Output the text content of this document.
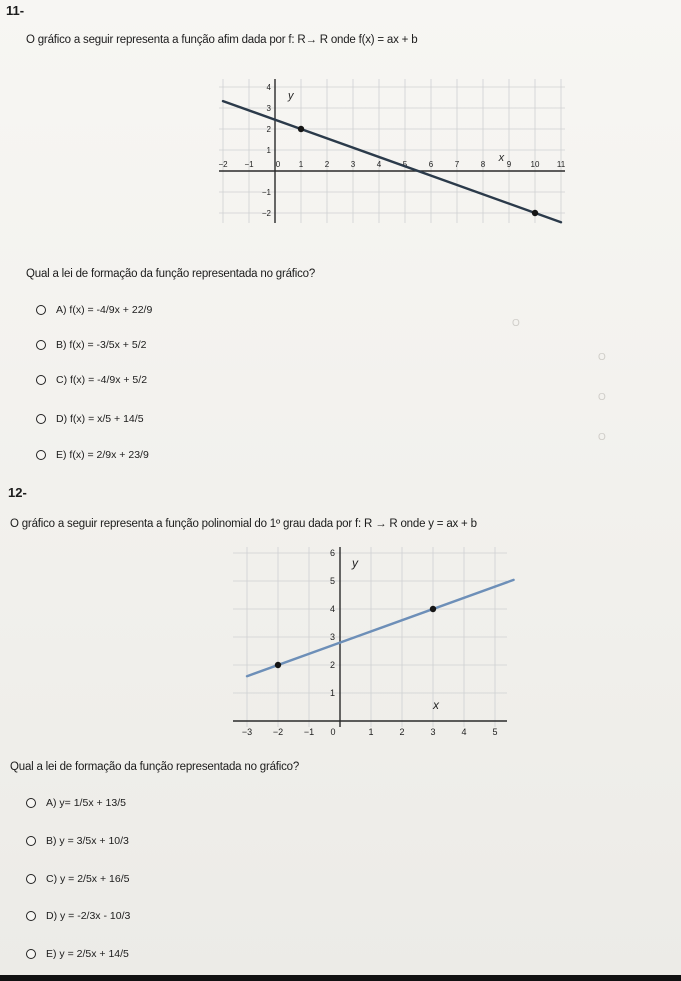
O
O
O
O
11-
O gráfico a seguir representa a função afim dada por f: R→ R onde f(x) = ax + b
−2 −1	0 1	2	3	4	5	6	7	8	9 10 11
−2
−1
1
2
3
4
y
x
Qual a lei de formação da função representada no gráfico?
A) f(x) = -4/9x + 22/9
B) f(x) = -3/5x + 5/2
C) f(x) = -4/9x + 5/2
D) f(x) = x/5 + 14/5
E) f(x) = 2/9x + 23/9
12-
O gráfico a seguir representa a função polinomial do 1º grau dada por f: R → R onde y = ax + b
−3 −2 −1 0	1	2	3	4	5
1
2
3
4
5
6
y
x
Qual a lei de formação da função representada no gráfico?
A) y= 1/5x + 13/5
B) y = 3/5x + 10/3
C) y = 2/5x + 16/5
D) y = -2/3x - 10/3
E) y = 2/5x + 14/5
